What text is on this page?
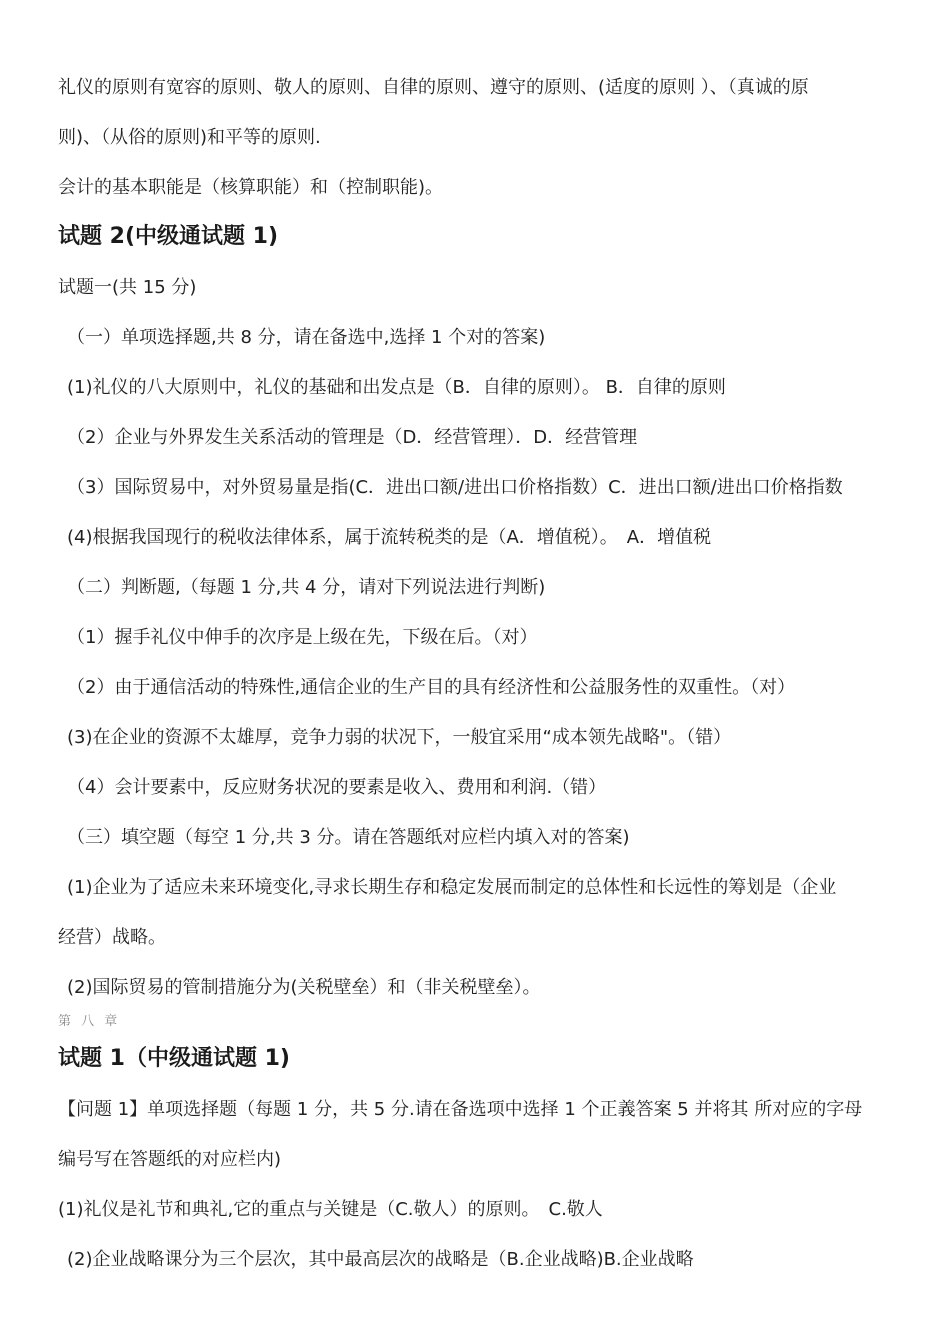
礼仪的原则有宽容的原则、敬人的原则、自律的原则、遵守的原则、(适度的原则 ）、（真诚的原
则)、（从俗的原则)和平等的原则.
会计的基本职能是（核算职能）和（控制职能)。
试题 2(中级通试题 1)
试题一(共 15 分)
（一）单项选择题,共 8 分，请在备选中,选择 1 个对的答案)
(1)礼仪的八大原则中，礼仪的基础和出发点是（B．自律的原则）。 B．自律的原则
（2）企业与外界发生关系活动的管理是（D．经营管理）．D．经营管理
（3）国际贸易中，对外贸易量是指(C．进出口额/进出口价格指数）C．进出口额/进出口价格指数
(4)根据我国现行的税收法律体系，属于流转税类的是（A．增值税）。　A．增值税
（二）判断题,（每题 1 分,共 4 分，请对下列说法进行判断)
（1）握手礼仪中伸手的次序是上级在先，下级在后。（对）
（2）由于通信活动的特殊性,通信企业的生产目的具有经济性和公益服务性的双重性。（对）
(3)在企业的资源不太雄厚，竞争力弱的状况下，一般宜采用“成本领先战略"。（错）
（4）会计要素中，反应财务状况的要素是收入、费用和利润.（错）
（三）填空题（每空 1 分,共 3 分。请在答题纸对应栏内填入对的答案)
(1)企业为了适应未来环境变化,寻求长期生存和稳定发展而制定的总体性和长远性的筹划是（企业
经营）战略。
(2)国际贸易的管制措施分为(关税壁垒）和（非关税壁垒）。
第 八 章
试题 1（中级通试题 1)
【问题 1】单项选择题（每题 1 分，共 5 分.请在备选项中选择 1 个正義答案 5 并将其 所对应的字母
编号写在答题纸的对应栏内)
(1)礼仪是礼节和典礼,它的重点与关键是（C.敬人）的原则。　C.敬人
(2)企业战略课分为三个层次，其中最高层次的战略是（B.企业战略)B.企业战略
